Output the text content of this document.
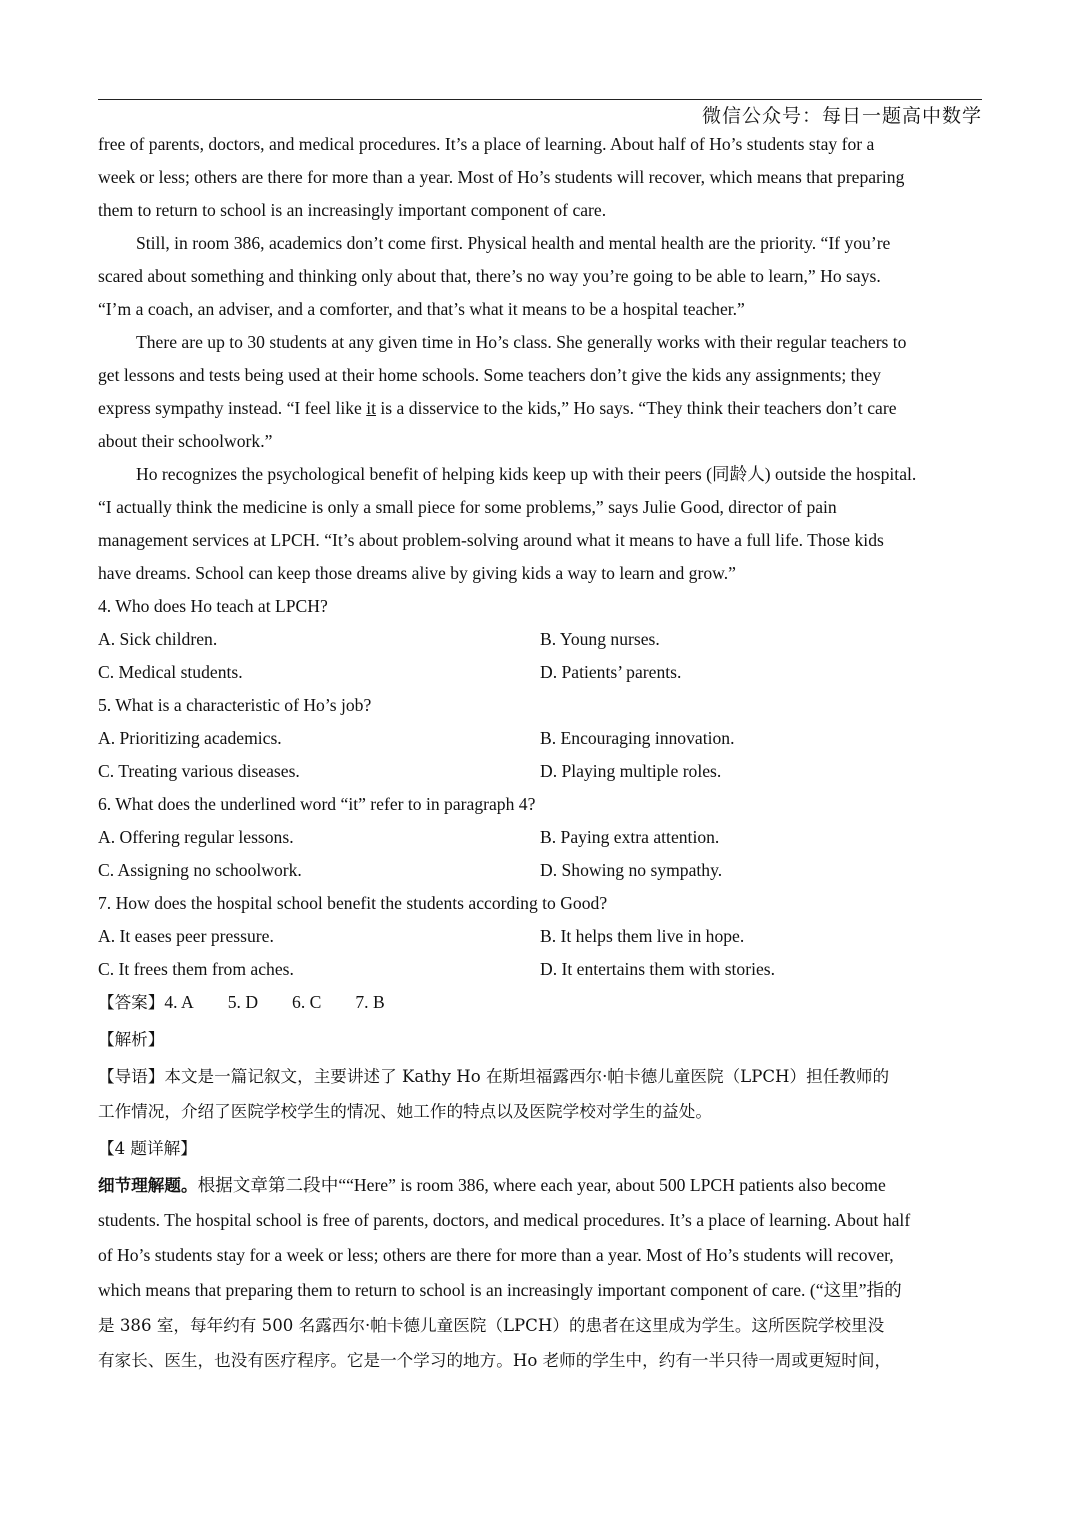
微信公众号：每日一题高中数学

free of parents, doctors, and medical procedures. It’s a place of learning. About half of Ho’s students stay for a

week or less; others are there for more than a year. Most of Ho’s students will recover, which means that preparing

them to return to school is an increasingly important component of care.

Still, in room 386, academics don’t come first. Physical health and mental health are the priority. “If you’re

scared about something and thinking only about that, there’s no way you’re going to be able to learn,” Ho says.

“I’m a coach, an adviser, and a comforter, and that’s what it means to be a hospital teacher.”

There are up to 30 students at any given time in Ho’s class. She generally works with their regular teachers to

get lessons and tests being used at their home schools. Some teachers don’t give the kids any assignments; they

express sympathy instead. “I feel like it is a disservice to the kids,” Ho says. “They think their teachers don’t care

about their schoolwork.”

Ho recognizes the psychological benefit of helping kids keep up with their peers (同龄人) outside the hospital.

“I actually think the medicine is only a small piece for some problems,” says Julie Good, director of pain

management services at LPCH. “It’s about problem-solving around what it means to have a full life. Those kids

have dreams. School can keep those dreams alive by giving kids a way to learn and grow.”

4. Who does Ho teach at LPCH?

A. Sick children.	B. Young nurses.
C. Medical students.	D. Patients’ parents.

5. What is a characteristic of Ho’s job?

A. Prioritizing academics.	B. Encouraging innovation.
C. Treating various diseases.	D. Playing multiple roles.

6. What does the underlined word “it” refer to in paragraph 4?

A. Offering regular lessons.	B. Paying extra attention.
C. Assigning no schoolwork.	D. Showing no sympathy.

7. How does the hospital school benefit the students according to Good?

A. It eases peer pressure.	B. It helps them live in hope.
C. It frees them from aches.	D. It entertains them with stories.

【答案】4. A 5. D 6. C 7. B

【解析】

【导语】本文是一篇记叙文，主要讲述了 Kathy Ho 在斯坦福露西尔·帕卡德儿童医院（LPCH）担任教师的

工作情况，介绍了医院学校学生的情况、她工作的特点以及医院学校对学生的益处。

【4 题详解】

细节理解题。根据文章第二段中““Here” is room 386, where each year, about 500 LPCH patients also become

students. The hospital school is free of parents, doctors, and medical procedures. It’s a place of learning. About half

of Ho’s students stay for a week or less; others are there for more than a year. Most of Ho’s students will recover,

which means that preparing them to return to school is an increasingly important component of care. (“这里”指的

是 386 室，每年约有 500 名露西尔·帕卡德儿童医院（LPCH）的患者在这里成为学生。这所医院学校里没

有家长、医生，也没有医疗程序。它是一个学习的地方。Ho 老师的学生中，约有一半只待一周或更短时间，
